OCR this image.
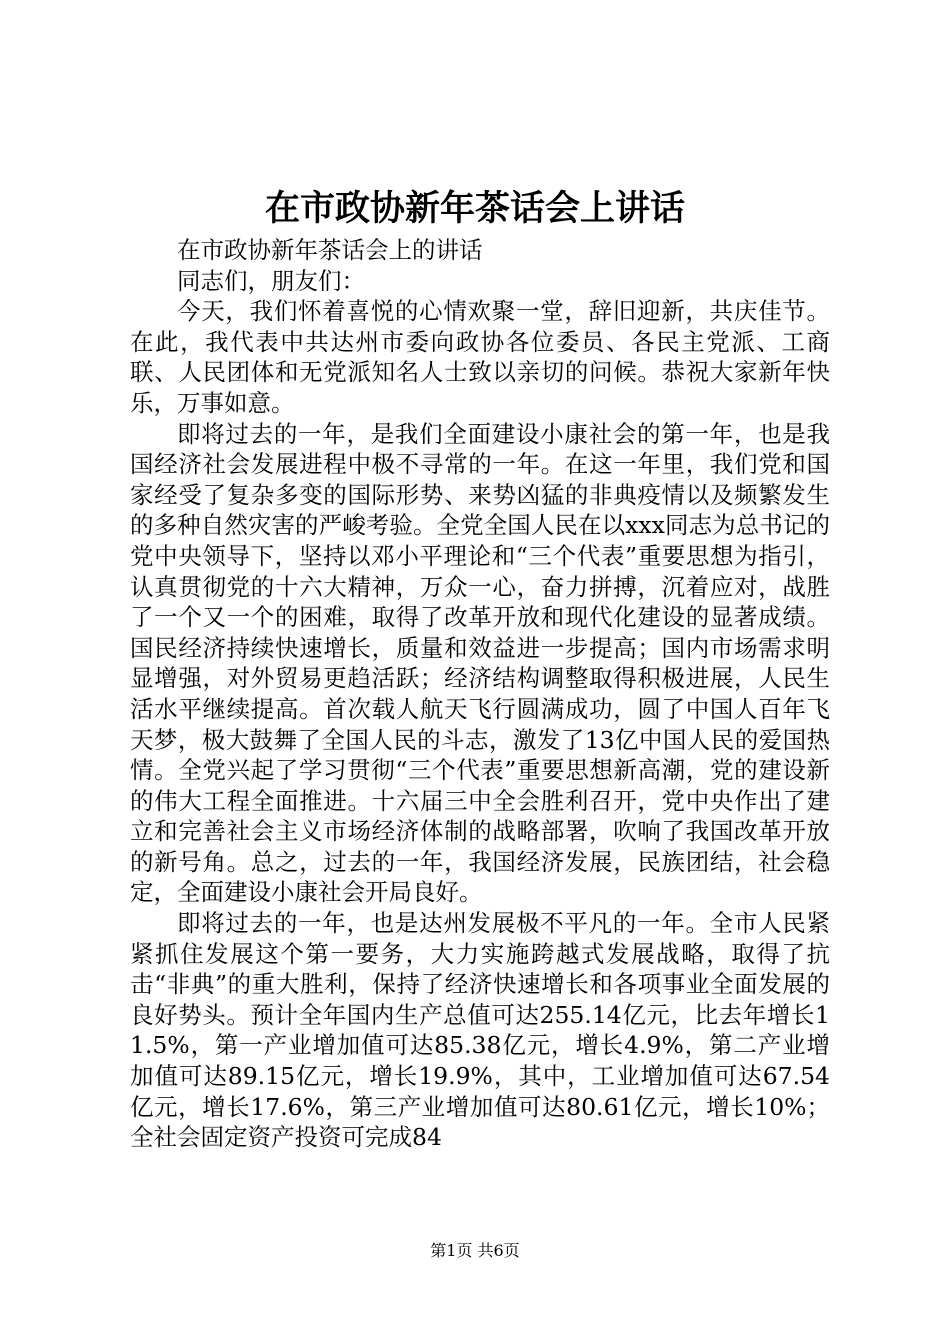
在市政协新年茶话会上讲话

在市政协新年茶话会上的讲话

同志们，朋友们：

今天，我们怀着喜悦的心情欢聚一堂，辞旧迎新，共庆佳节。在此，我代表中共达州市委向政协各位委员、各民主党派、工商联、人民团体和无党派知名人士致以亲切的问候。恭祝大家新年快乐，万事如意。

即将过去的一年，是我们全面建设小康社会的第一年，也是我国经济社会发展进程中极不寻常的一年。在这一年里，我们党和国家经受了复杂多变的国际形势、来势凶猛的非典疫情以及频繁发生的多种自然灾害的严峻考验。全党全国人民在以xxx同志为总书记的党中央领导下，坚持以邓小平理论和“三个代表”重要思想为指引，认真贯彻党的十六大精神，万众一心，奋力拼搏，沉着应对，战胜了一个又一个的困难，取得了改革开放和现代化建设的显著成绩。国民经济持续快速增长，质量和效益进一步提高；国内市场需求明显增强，对外贸易更趋活跃；经济结构调整取得积极进展，人民生活水平继续提高。首次载人航天飞行圆满成功，圆了中国人百年飞天梦，极大鼓舞了全国人民的斗志，激发了13亿中国人民的爱国热情。全党兴起了学习贯彻“三个代表”重要思想新高潮，党的建设新的伟大工程全面推进。十六届三中全会胜利召开，党中央作出了建立和完善社会主义市场经济体制的战略部署，吹响了我国改革开放的新号角。总之，过去的一年，我国经济发展，民族团结，社会稳定，全面建设小康社会开局良好。

即将过去的一年，也是达州发展极不平凡的一年。全市人民紧紧抓住发展这个第一要务，大力实施跨越式发展战略，取得了抗击“非典”的重大胜利，保持了经济快速增长和各项事业全面发展的良好势头。预计全年国内生产总值可达255.14亿元，比去年增长11.5%，第一产业增加值可达85.38亿元，增长4.9%，第二产业增加值可达89.15亿元，增长19.9%，其中，工业增加值可达67.54亿元，增长17.6%，第三产业增加值可达80.61亿元，增长10%；全社会固定资产投资可完成84

第1页 共6页
